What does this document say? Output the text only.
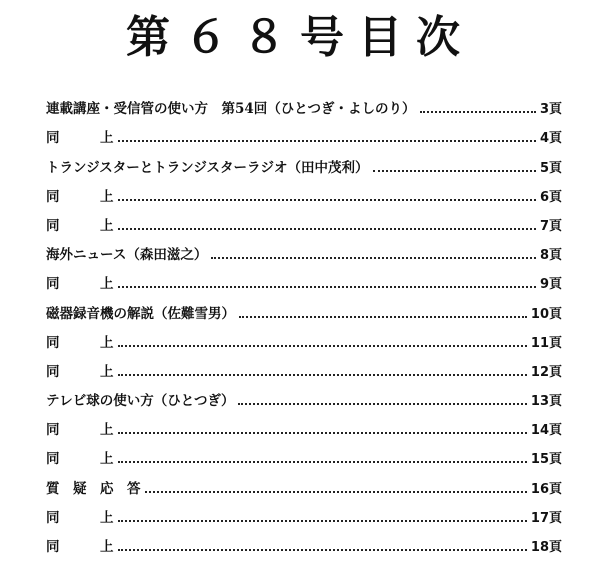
第６８号目次
連載講座・受信管の使い方　第54回（ひとつぎ・よしのり）	3頁
同	上	4頁
トランジスターとトランジスターラジオ（田中茂利）	5頁
同	上	6頁
同	上	7頁
海外ニュース（森田滋之）	8頁
同	上	9頁
磁器録音機の解説（佐難雪男）	10頁
同	上	11頁
同	上	12頁
テレビ球の使い方（ひとつぎ）	13頁
同	上	14頁
同	上	15頁
質　疑　応　答	16頁
同	上	17頁
同	上	18頁
